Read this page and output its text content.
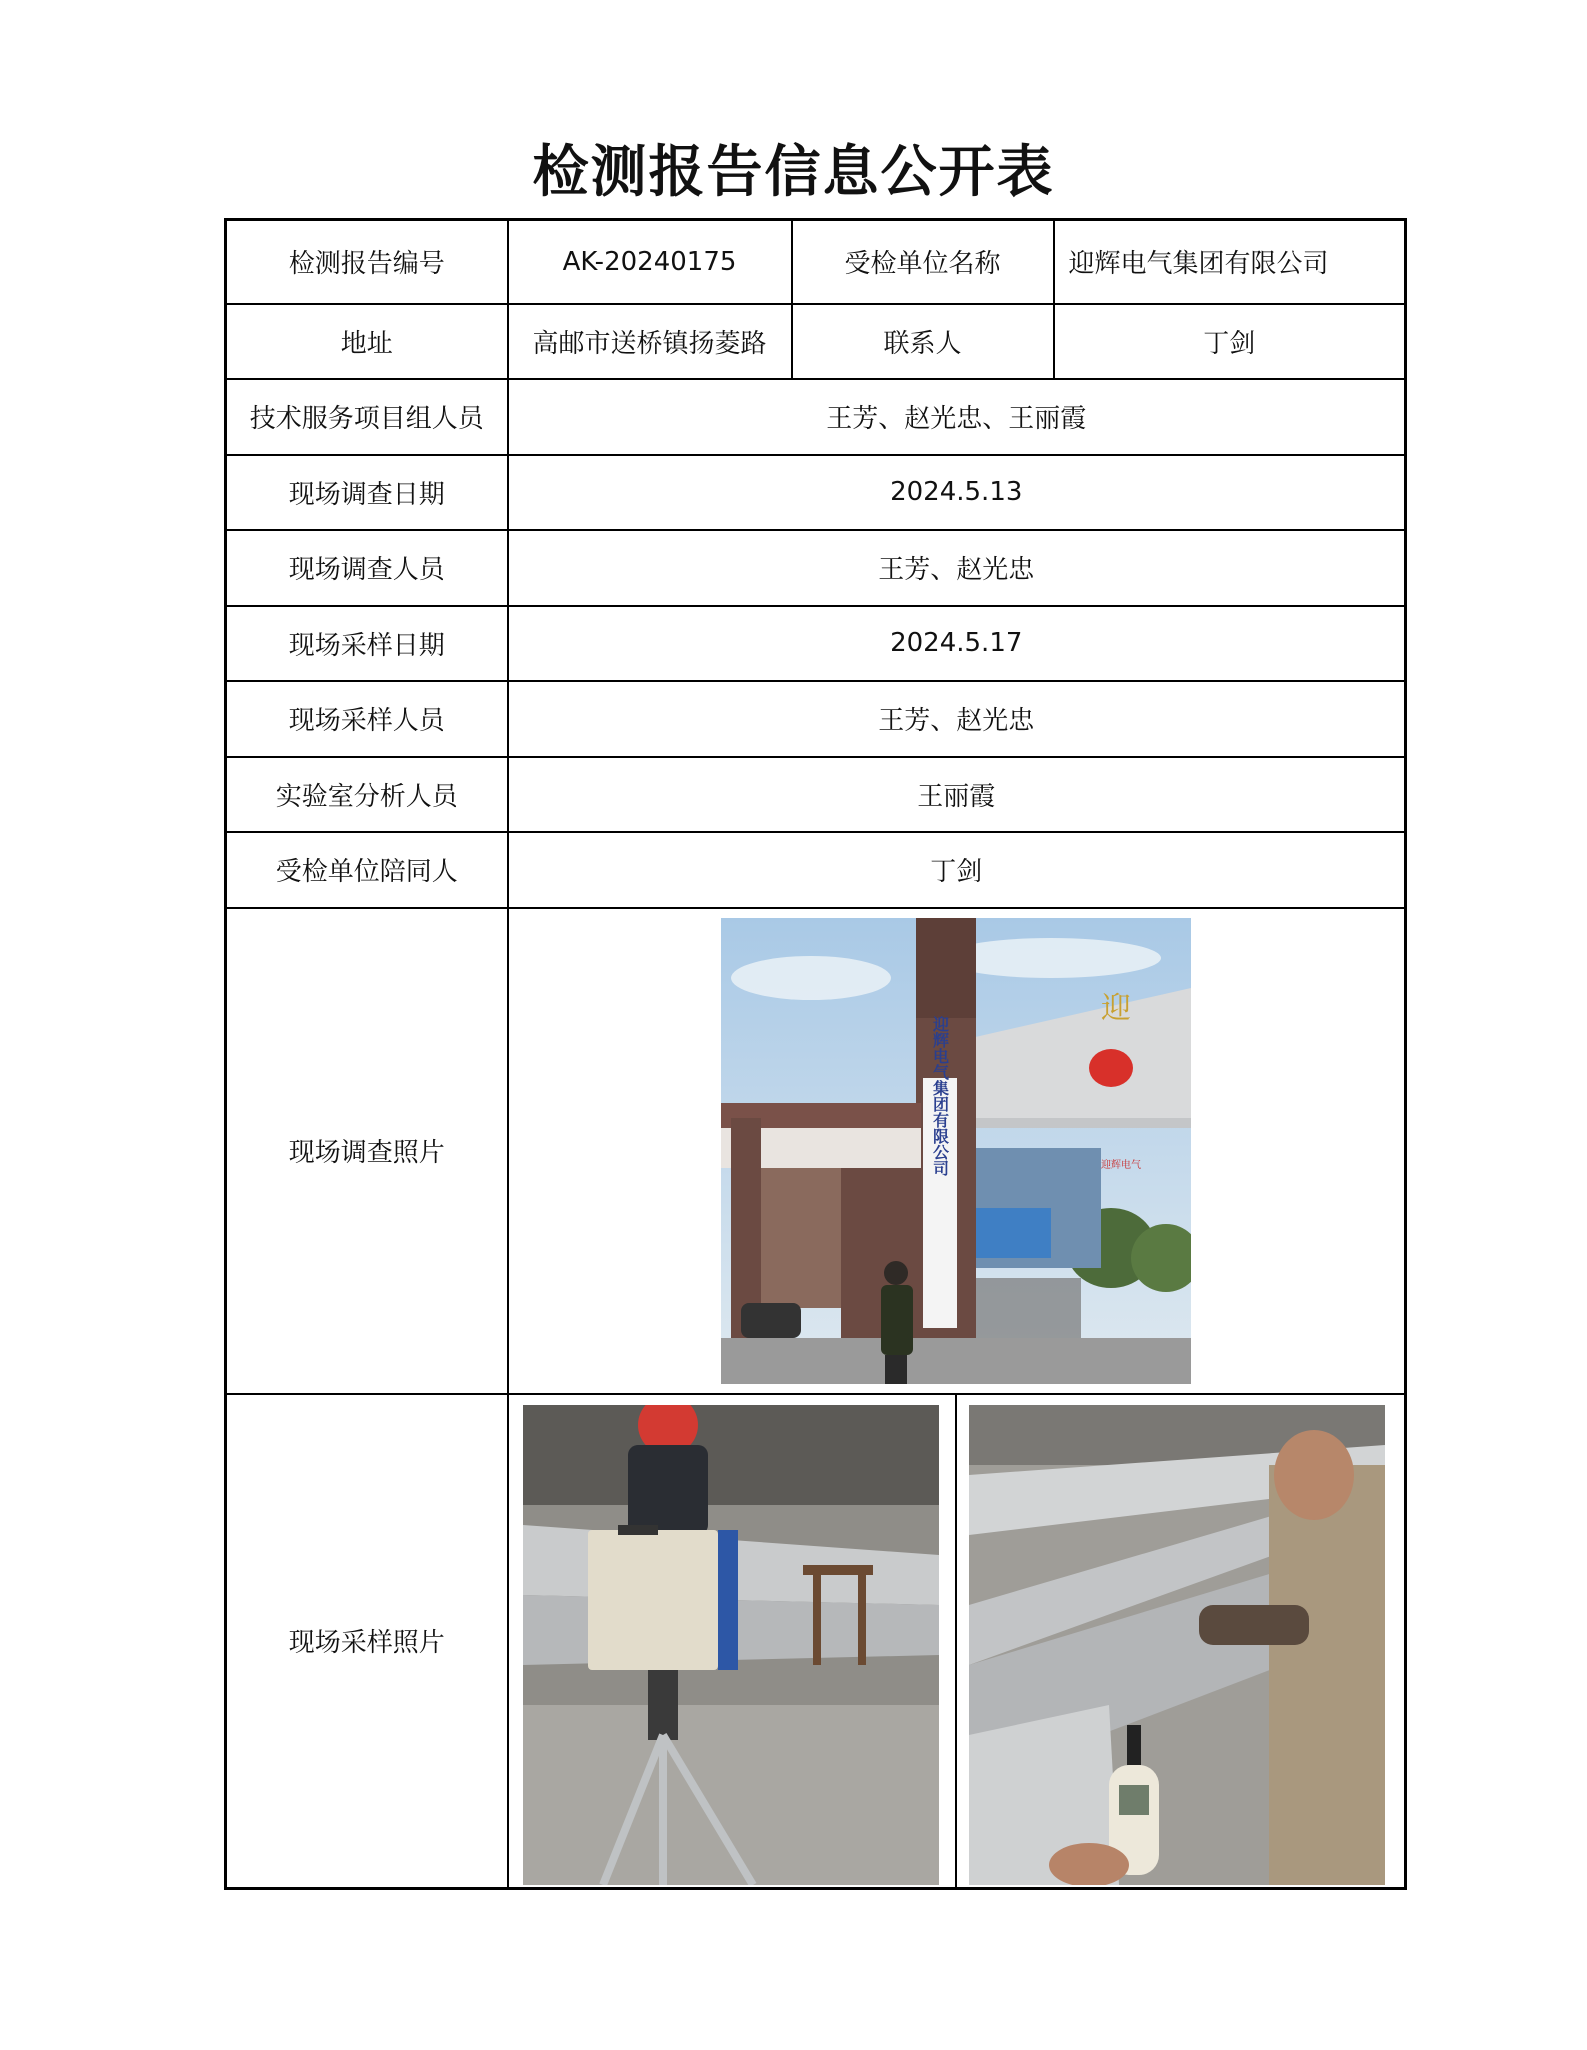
检测报告信息公开表
检测报告编号	AK-20240175	受检单位名称	迎辉电气集团有限公司
地址	高邮市送桥镇扬菱路	联系人	丁剑
技术服务项目组人员	王芳、赵光忠、王丽霞		
现场调查日期	2024.5.13		
现场调查人员	王芳、赵光忠		
现场采样日期	2024.5.17		
现场采样人员	王芳、赵光忠		
实验室分析人员	王丽霞		
受检单位陪同人	丁剑		
现场调查照片	迎
迎辉电气
迎辉电气集团有限公司		

现场采样照片	
